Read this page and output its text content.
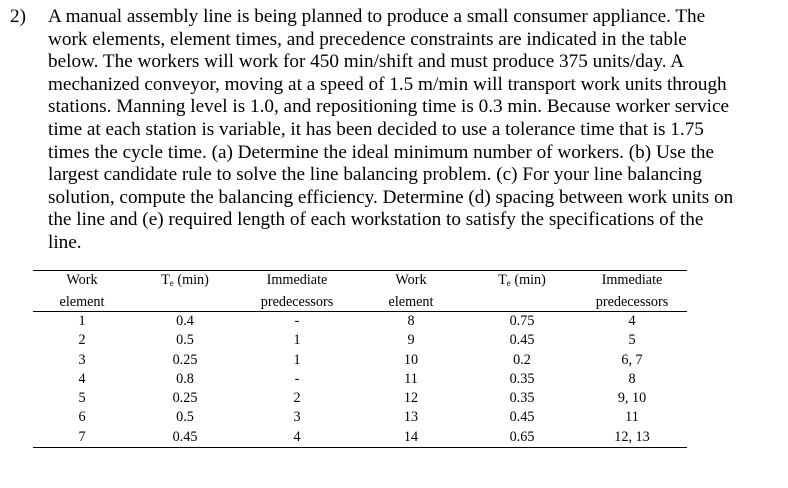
2)	A manual assembly line is being planned to produce a small consumer appliance. The
work elements, element times, and precedence constraints are indicated in the table
below. The workers will work for 450 min/shift and must produce 375 units/day. A
mechanized conveyor, moving at a speed of 1.5 m/min will transport work units through
stations. Manning level is 1.0, and repositioning time is 0.3 min. Because worker service
time at each station is variable, it has been decided to use a tolerance time that is 1.75
times the cycle time. (a) Determine the ideal minimum number of workers. (b) Use the
largest candidate rule to solve the line balancing problem. (c) For your line balancing
solution, compute the balancing efficiency. Determine (d) spacing between work units on
the line and (e) required length of each workstation to satisfy the specifications of the
line.
Work	$T_e$ (min)	Immediate	Work	$T_e$ (min)	Immediate
element		predecessors	element		predecessors
1	0.4	-	8	0.75	4
2	0.5	1	9	0.45	5
3	0.25	1	10	0.2	6, 7
4	0.8	-	11	0.35	8
5	0.25	2	12	0.35	9, 10
6	0.5	3	13	0.45	11
7	0.45	4	14	0.65	12, 13
